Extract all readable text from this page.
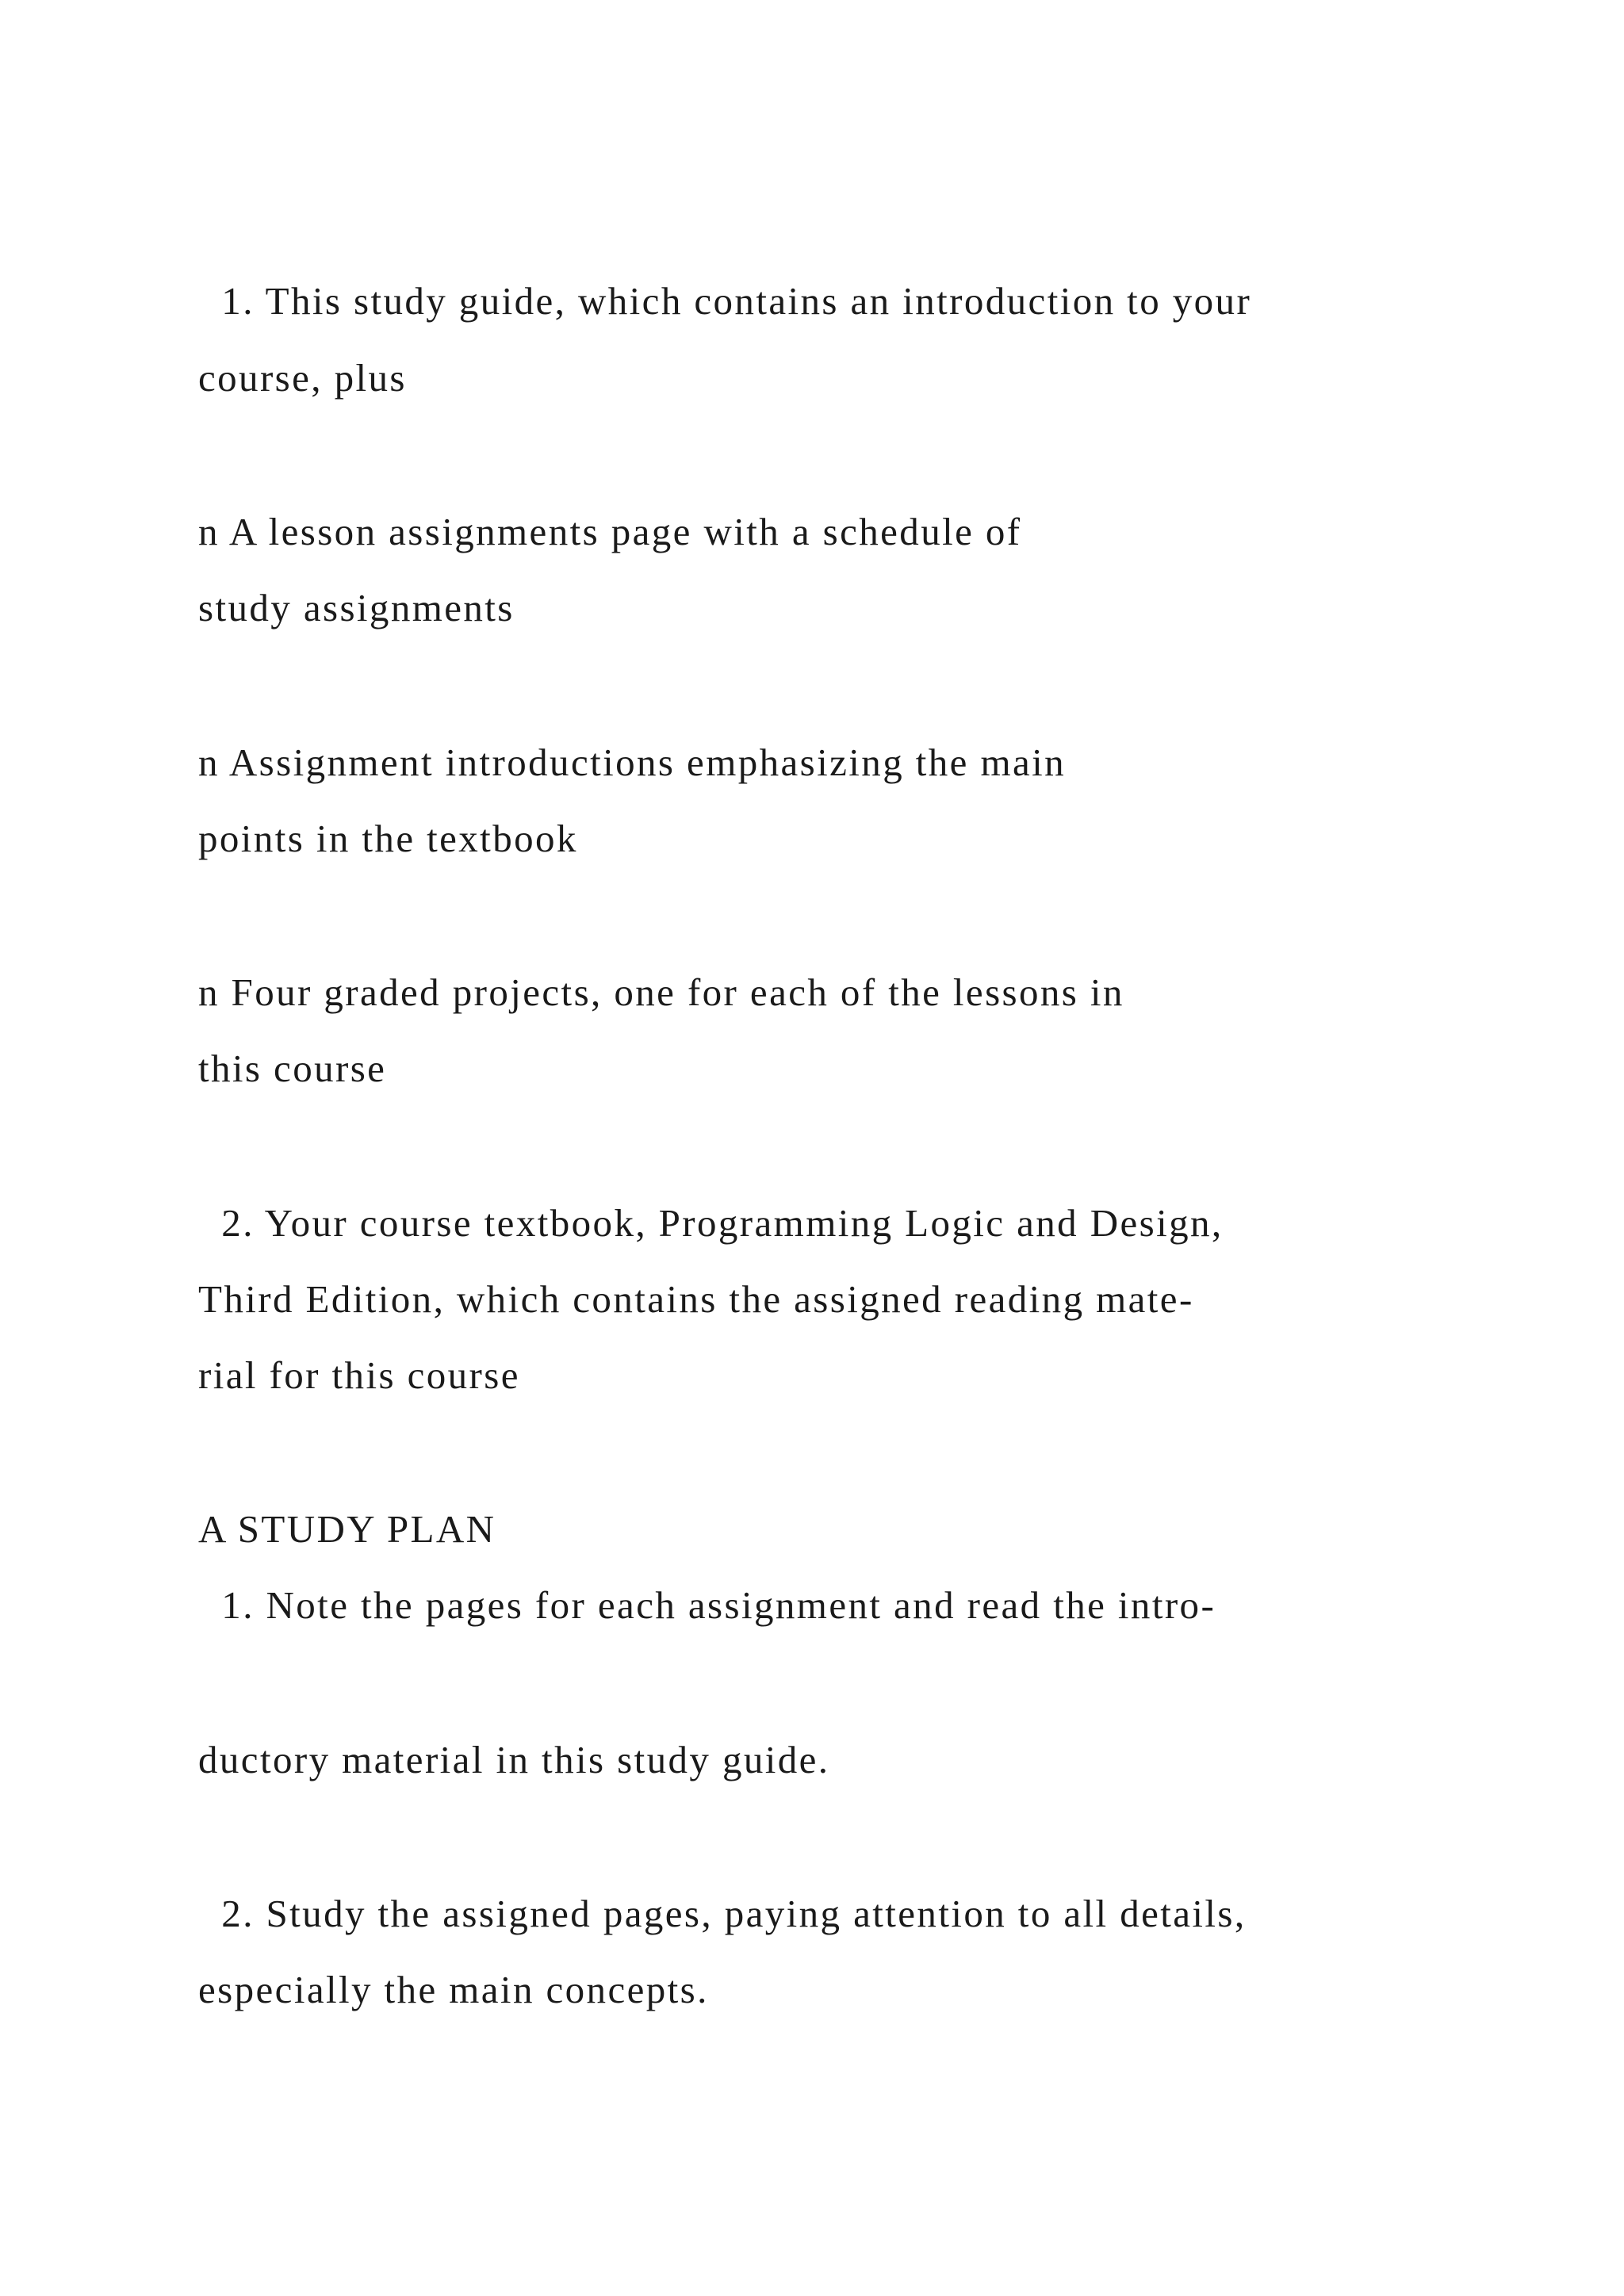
1. This study guide, which contains an introduction to your

course, plus

n A lesson assignments page with a schedule of

study assignments

n Assignment introductions emphasizing the main

points in the textbook

n Four graded projects, one for each of the lessons in

this course

2. Your course textbook, Programming Logic and Design,

Third Edition, which contains the assigned reading mate-

rial for this course

A STUDY PLAN

1. Note the pages for each assignment and read the intro-

ductory material in this study guide.

2. Study the assigned pages, paying attention to all details,

especially the main concepts.
